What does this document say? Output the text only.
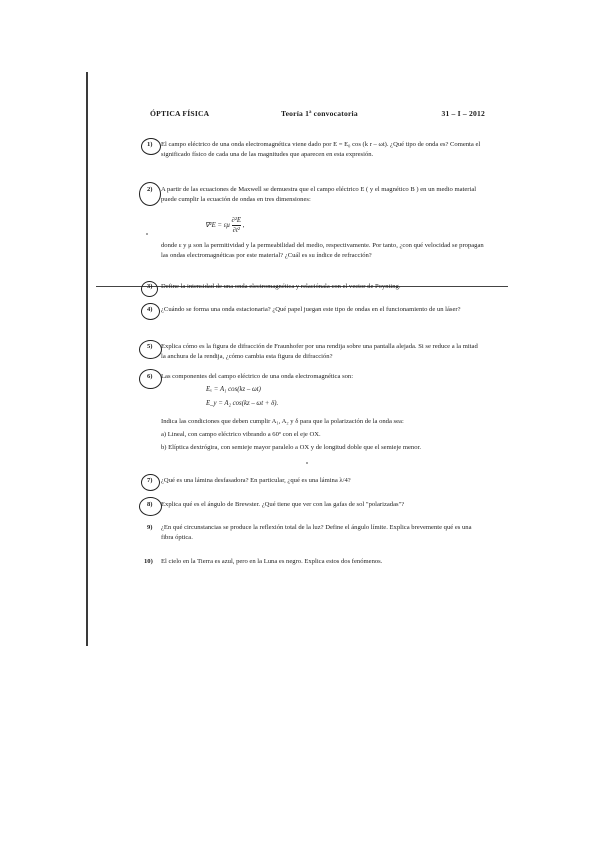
ÓPTICA FÍSICA	Teoría 1ª convocatoria	31 – I – 2012
1) El campo eléctrico de una onda electromagnética viene dado por E = E₀ cos (k r – ωt). ¿Qué tipo de onda es? Comenta el significado físico de cada una de las magnitudes que aparecen en esta expresión.
2) A partir de las ecuaciones de Maxwell se demuestra que el campo eléctrico E ( y el magnético B ) en un medio material puede cumplir la ecuación de ondas en tres dimensiones:
∇²E = εμ $\frac{\text{∂²E}}{\text{∂t²}}$ ,
donde ε y μ son la permitividad y la permeabilidad del medio, respectivamente. Por tanto, ¿con qué velocidad se propagan las ondas electromagnéticas por este material? ¿Cuál es su índice de refracción?
3) Define la intensidad de una onda electromagnética y relaciónala con el vector de Poynting.
4) ¿Cuándo se forma una onda estacionaria? ¿Qué papel juegan este tipo de ondas en el funcionamiento de un láser?
5) Explica cómo es la figura de difracción de Fraunhofer por una rendija sobre una pantalla alejada. Si se reduce a la mitad la anchura de la rendija, ¿cómo cambia esta figura de difracción?
6) Las componentes del campo eléctrico de una onda electromagnética son:
Eₓ = A₁ cos(kz – ωt)
E_y = A₂ cos(kz – ωt + δ).
Indica las condiciones que deben cumplir A₁, A₂ y δ para que la polarización de la onda sea:
a) Lineal, con campo eléctrico vibrando a 60º con el eje OX.
b) Elíptica dextrógira, con semieje mayor paralelo a OX y de longitud doble que el semieje menor.
7) ¿Qué es una lámina desfasadora? En particular, ¿qué es una lámina λ/4?
8) Explica qué es el ángulo de Brewster. ¿Qué tiene que ver con las gafas de sol "polarizadas"?
9) ¿En qué circunstancias se produce la reflexión total de la luz? Define el ángulo límite. Explica brevemente qué es una fibra óptica.
10) El cielo en la Tierra es azul, pero en la Luna es negro. Explica estos dos fenómenos.
